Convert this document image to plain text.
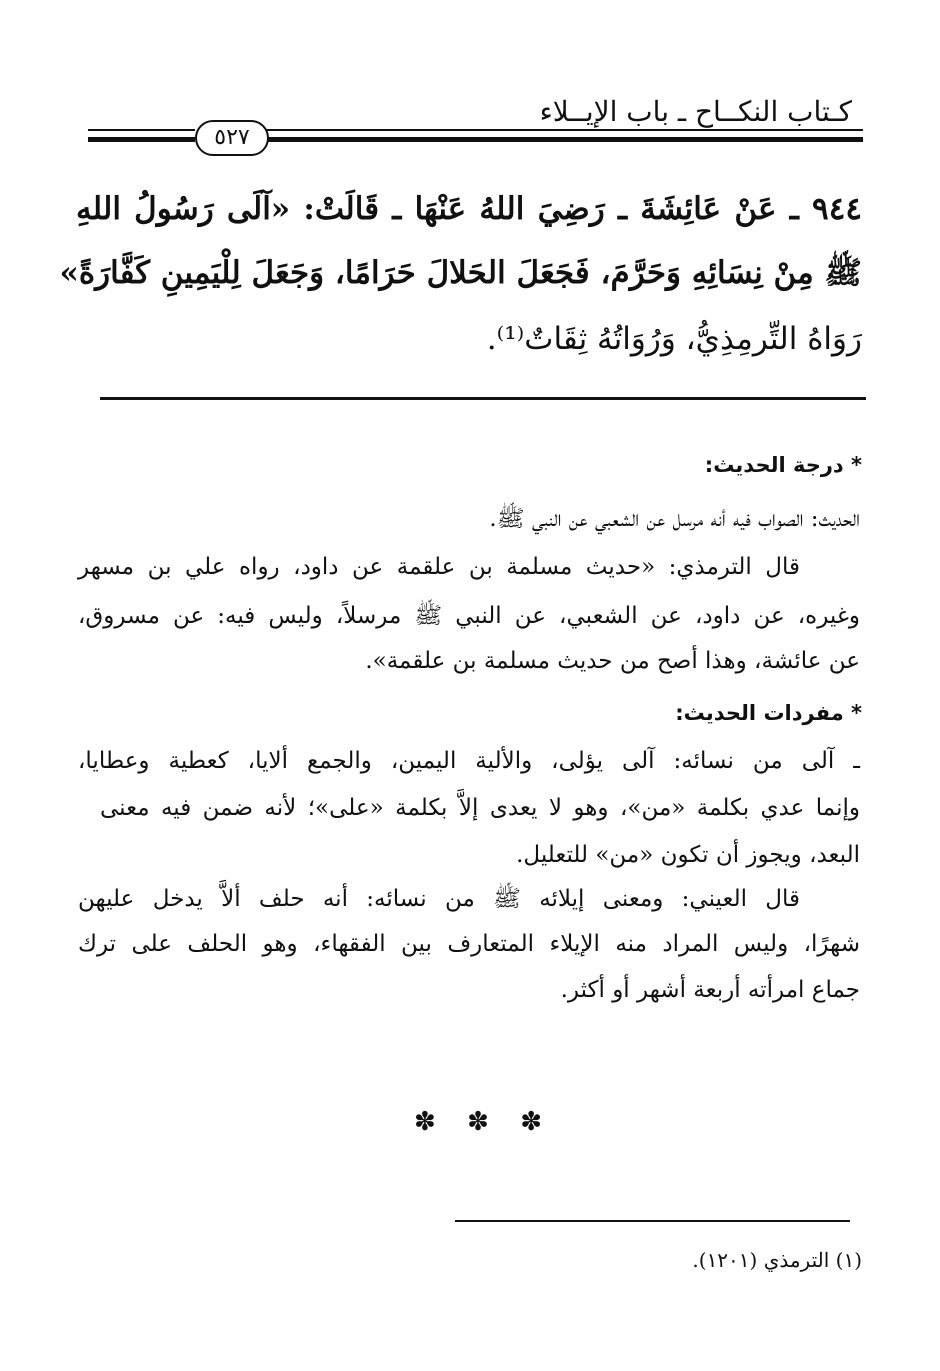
كـتاب النكــاح ـ باب الإيــلاء
٥٢٧
٩٤٤ ـ عَنْ عَائِشَةَ ـ رَضِيَ اللهُ عَنْهَا ـ قَالَتْ: «آلَى رَسُولُ اللهِ
ﷺ مِنْ نِسَائِهِ وَحَرَّمَ، فَجَعَلَ الحَلالَ حَرَامًا، وَجَعَلَ لِلْيَمِينِ كَفَّارَةً»
رَوَاهُ التِّرمِذِيُّ، وَرُوَاتُهُ ثِقَاتٌ⁽¹⁾.
* درجة الحديث:
الحديث: الصواب فيه أنه مرسل عن الشعبي عن النبي ﷺ.
قال الترمذي: «حديث مسلمة بن علقمة عن داود، رواه علي بن مسهر
وغيره، عن داود، عن الشعبي، عن النبي ﷺ مرسلاً، وليس فيه: عن مسروق،
عن عائشة، وهذا أصح من حديث مسلمة بن علقمة».
* مفردات الحديث:
ـ آلى من نسائه: آلى يؤلى، والألية اليمين، والجمع ألايا، كعطية وعطايا،
وإنما عدي بكلمة «من»، وهو لا يعدى إلاَّ بكلمة «على»؛ لأنه ضمن فيه معنى
البعد، ويجوز أن تكون «من» للتعليل.
قال العيني: ومعنى إيلائه ﷺ من نسائه: أنه حلف ألاَّ يدخل عليهن
شهرًا، وليس المراد منه الإيلاء المتعارف بين الفقهاء، وهو الحلف على ترك
جماع امرأته أربعة أشهر أو أكثر.
✽ ✽ ✽
(١) الترمذي (١٢٠١).
